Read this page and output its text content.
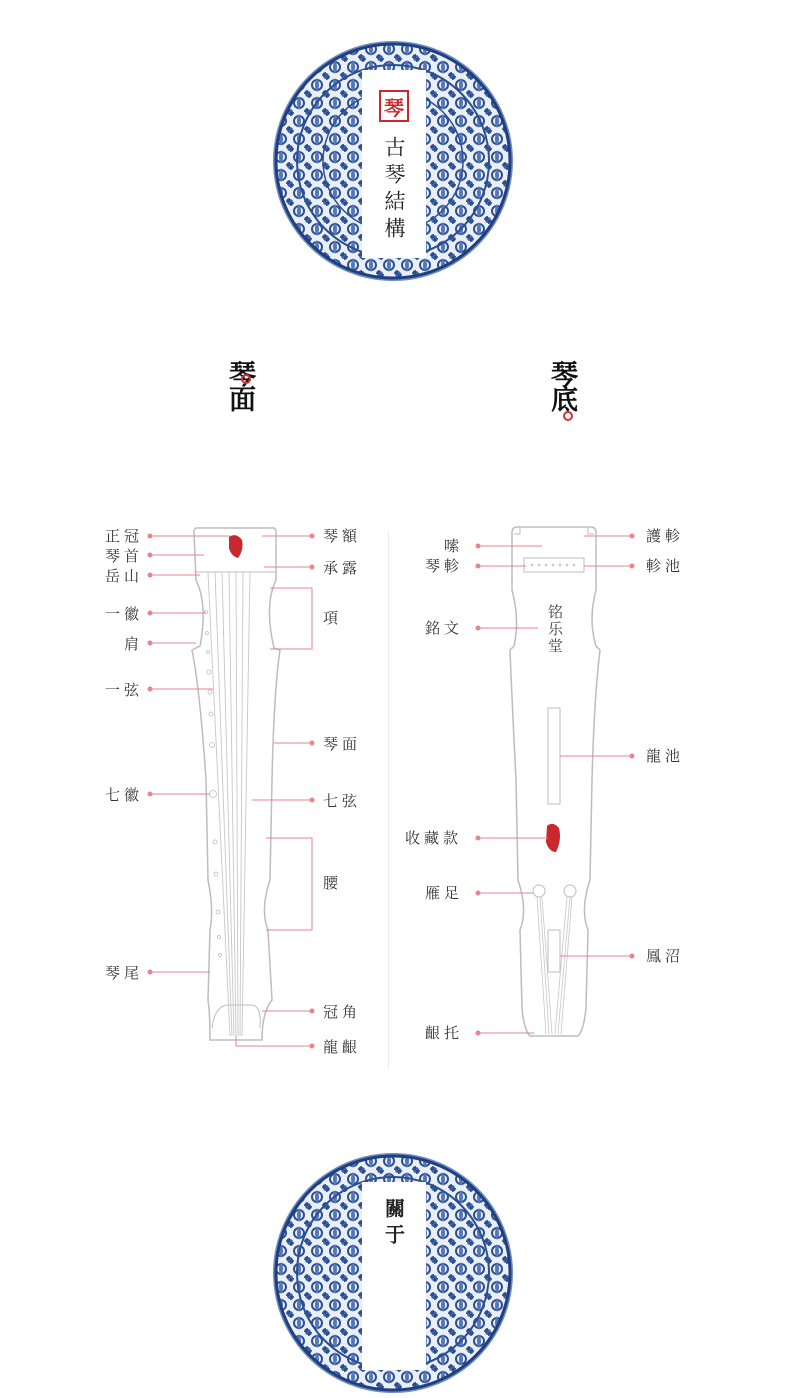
琴
古琴結構
琴面	琴底
正冠
琴首
岳山
一徽
肩
一弦
七徽
琴尾
琴額
承露
項
琴面
七弦
腰
冠角
龍齦
嗦
琴軫
銘文
收藏款
雁足
齦托
護軫
軫池
龍池
鳳沼
铭乐堂
關于
